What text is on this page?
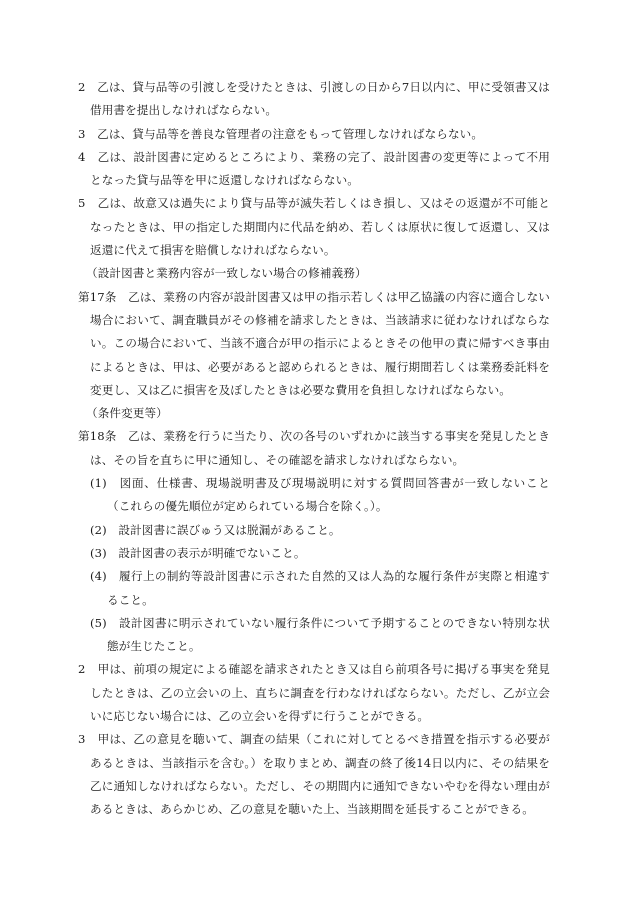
2　乙は、貸与品等の引渡しを受けたときは、引渡しの日から7日以内に、甲に受領書又は借用書を提出しなければならない。

3　乙は、貸与品等を善良な管理者の注意をもって管理しなければならない。

4　乙は、設計図書に定めるところにより、業務の完了、設計図書の変更等によって不用となった貸与品等を甲に返還しなければならない。

5　乙は、故意又は過失により貸与品等が滅失若しくはき損し、又はその返還が不可能となったときは、甲の指定した期間内に代品を納め、若しくは原状に復して返還し、又は返還に代えて損害を賠償しなければならない。

（設計図書と業務内容が一致しない場合の修補義務）

第17条　乙は、業務の内容が設計図書又は甲の指示若しくは甲乙協議の内容に適合しない場合において、調査職員がその修補を請求したときは、当該請求に従わなければならない。この場合において、当該不適合が甲の指示によるときその他甲の責に帰すべき事由によるときは、甲は、必要があると認められるときは、履行期間若しくは業務委託料を変更し、又は乙に損害を及ぼしたときは必要な費用を負担しなければならない。

（条件変更等）

第18条　乙は、業務を行うに当たり、次の各号のいずれかに該当する事実を発見したときは、その旨を直ちに甲に通知し、その確認を請求しなければならない。

(1)　図面、仕様書、現場説明書及び現場説明に対する質問回答書が一致しないこと（これらの優先順位が定められている場合を除く。）。

(2)　設計図書に誤びゅう又は脱漏があること。

(3)　設計図書の表示が明確でないこと。

(4)　履行上の制約等設計図書に示された自然的又は人為的な履行条件が実際と相違すること。

(5)　設計図書に明示されていない履行条件について予期することのできない特別な状態が生じたこと。

2　甲は、前項の規定による確認を請求されたとき又は自ら前項各号に掲げる事実を発見したときは、乙の立会いの上、直ちに調査を行わなければならない。ただし、乙が立会いに応じない場合には、乙の立会いを得ずに行うことができる。

3　甲は、乙の意見を聴いて、調査の結果（これに対してとるべき措置を指示する必要があるときは、当該指示を含む。）を取りまとめ、調査の終了後14日以内に、その結果を乙に通知しなければならない。ただし、その期間内に通知できないやむを得ない理由があるときは、あらかじめ、乙の意見を聴いた上、当該期間を延長することができる。
